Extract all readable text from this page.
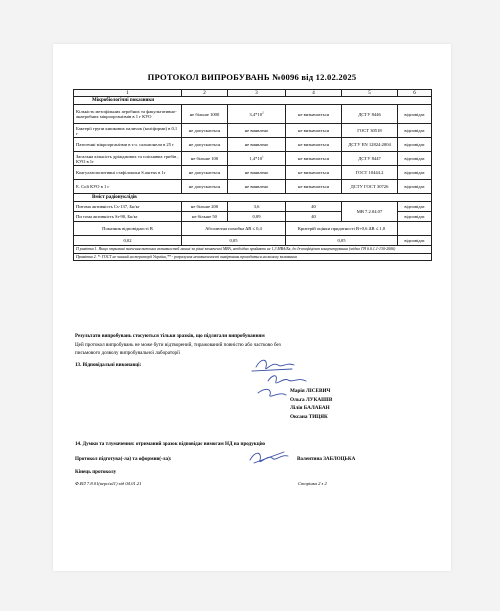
ПРОТОКОЛ ВИПРОБУВАНЬ №0096 від 12.02.2025
1	2	3	4	5	6
Мікробіологічні показники					
Кількість мезофільних аеробних та факультативно-анаеробних мікроорганізмів в 1 г КУО	не більше 1000	$3,4*10^2$	не визначається	ДСТУ 8446	відповідає
Бактерії групи кишкових паличок (коліформи) в 0,1 г	не допускається	не виявлено	не визначається	ГОСТ 30518	відповідає
Патогенні мікроорганізми в т.ч. сальмонели в 25 г	не допускається	не виявлено	не визначається	ДСТУ EN 12824:2004	відповідає
Загальна кількість дріжджових та пліснявих грибів , КУО в 1г	не більше 100	$1,4*10^1$	не визначається	ДСТУ 8447	відповідає
Коагулазопозитивні стафілококи S.aureus в 1г	не допускається	не виявлено	не визначається	ГОСТ 10444.2	відповідає
E. Coli КУО в 1 г	не допускається	не виявлено	не визначається	ДСТУ ГОСТ 30726	відповідає
Вміст радіонуклідів					
Питома активність Cs-137, Бк/кг	не більше 200	3,6	40	МВ 7.2.04.07	відповідає
Пи тома активність Sr-90, Бк/кг	не більше 50	0,09	40		відповідає
Показник відповідності В	Абсолютна похибка ΔВ ≤ 0,4		Критерій оцінки придатності В+0,6 ΔВ ≤ 1,0		
0,02	0,05		0,05		відповідає
П римітка 1. Якщо отримані значення питомих активностей менші за рівні зазначеної МВА, необхідно прийняти не 1,3 МВА/Бк, до Із-коефіцієнт концентрування (згідно ГН 6.6.1.1-130-2006)					
Примітка 2. *- ГОСТ не чинний на території України,** - розрахунок невизначеності вимірювань проводиться на вимогу замовника					
Результати випробувань стосуються тільки зразків, що підлягали випробуванням
Цей протокол випробувань не може бути відтворений, тиражований повністю або частково без
письмового дозволу випробувальної лабораторії
13. Відповідальні виконавці:
Марія ЛІСЕВИЧ
Ольга ЛУКАШІВ
Лілія БАЛАБАН
Оксана ТИЦЯК
14. Думки та тлумачення: отриманий зразок відповідає вимогам НД на продукцію
Протокол підготува(-ла) та оформив(-ла):	Валентина ЗАБЛОЦЬКА
Кінець протоколу
Ф.ВЛ 7.8.01(версія11) від 04.01.21	Сторінка 2 з 2
